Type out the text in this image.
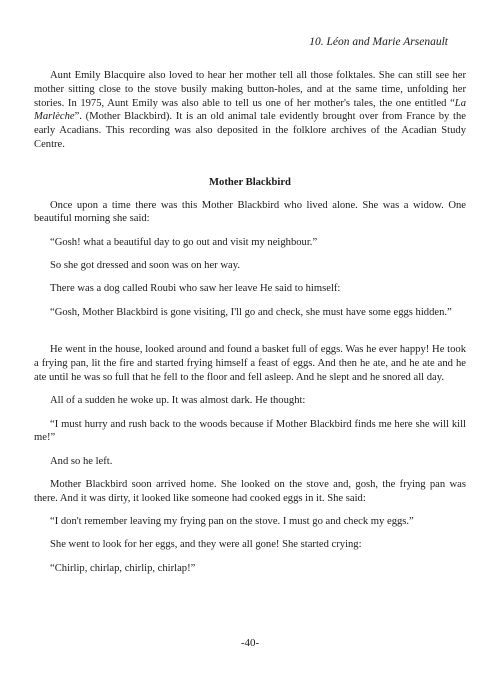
10. Léon and Marie Arsenault

Aunt Emily Blacquire also loved to hear her mother tell all those folktales. She can still see her mother sitting close to the stove busily making button-holes, and at the same time, unfolding her stories. In 1975, Aunt Emily was also able to tell us one of her mother's tales, the one entitled “La Marlèche”. (Mother Blackbird). It is an old animal tale evidently brought over from France by the early Acadians. This recording was also deposited in the folklore archives of the Acadian Study Centre.

Mother Blackbird

Once upon a time there was this Mother Blackbird who lived alone. She was a widow. One beautiful morning she said:

“Gosh! what a beautiful day to go out and visit my neighbour.”

So she got dressed and soon was on her way.

There was a dog called Roubi who saw her leave He said to himself:

“Gosh, Mother Blackbird is gone visiting, I'll go and check, she must have some eggs hidden.”

He went in the house, looked around and found a basket full of eggs. Was he ever happy! He took a frying pan, lit the fire and started frying himself a feast of eggs. And then he ate, and he ate and he ate until he was so full that he fell to the floor and fell asleep. And he slept and he snored all day.

All of a sudden he woke up. It was almost dark. He thought:

“I must hurry and rush back to the woods because if Mother Blackbird finds me here she will kill me!”

And so he left.

Mother Blackbird soon arrived home. She looked on the stove and, gosh, the frying pan was there. And it was dirty, it looked like someone had cooked eggs in it. She said:

“I don't remember leaving my frying pan on the stove. I must go and check my eggs.”

She went to look for her eggs, and they were all gone! She started crying:

“Chirlip, chirlap, chirlip, chirlap!”

-40-
